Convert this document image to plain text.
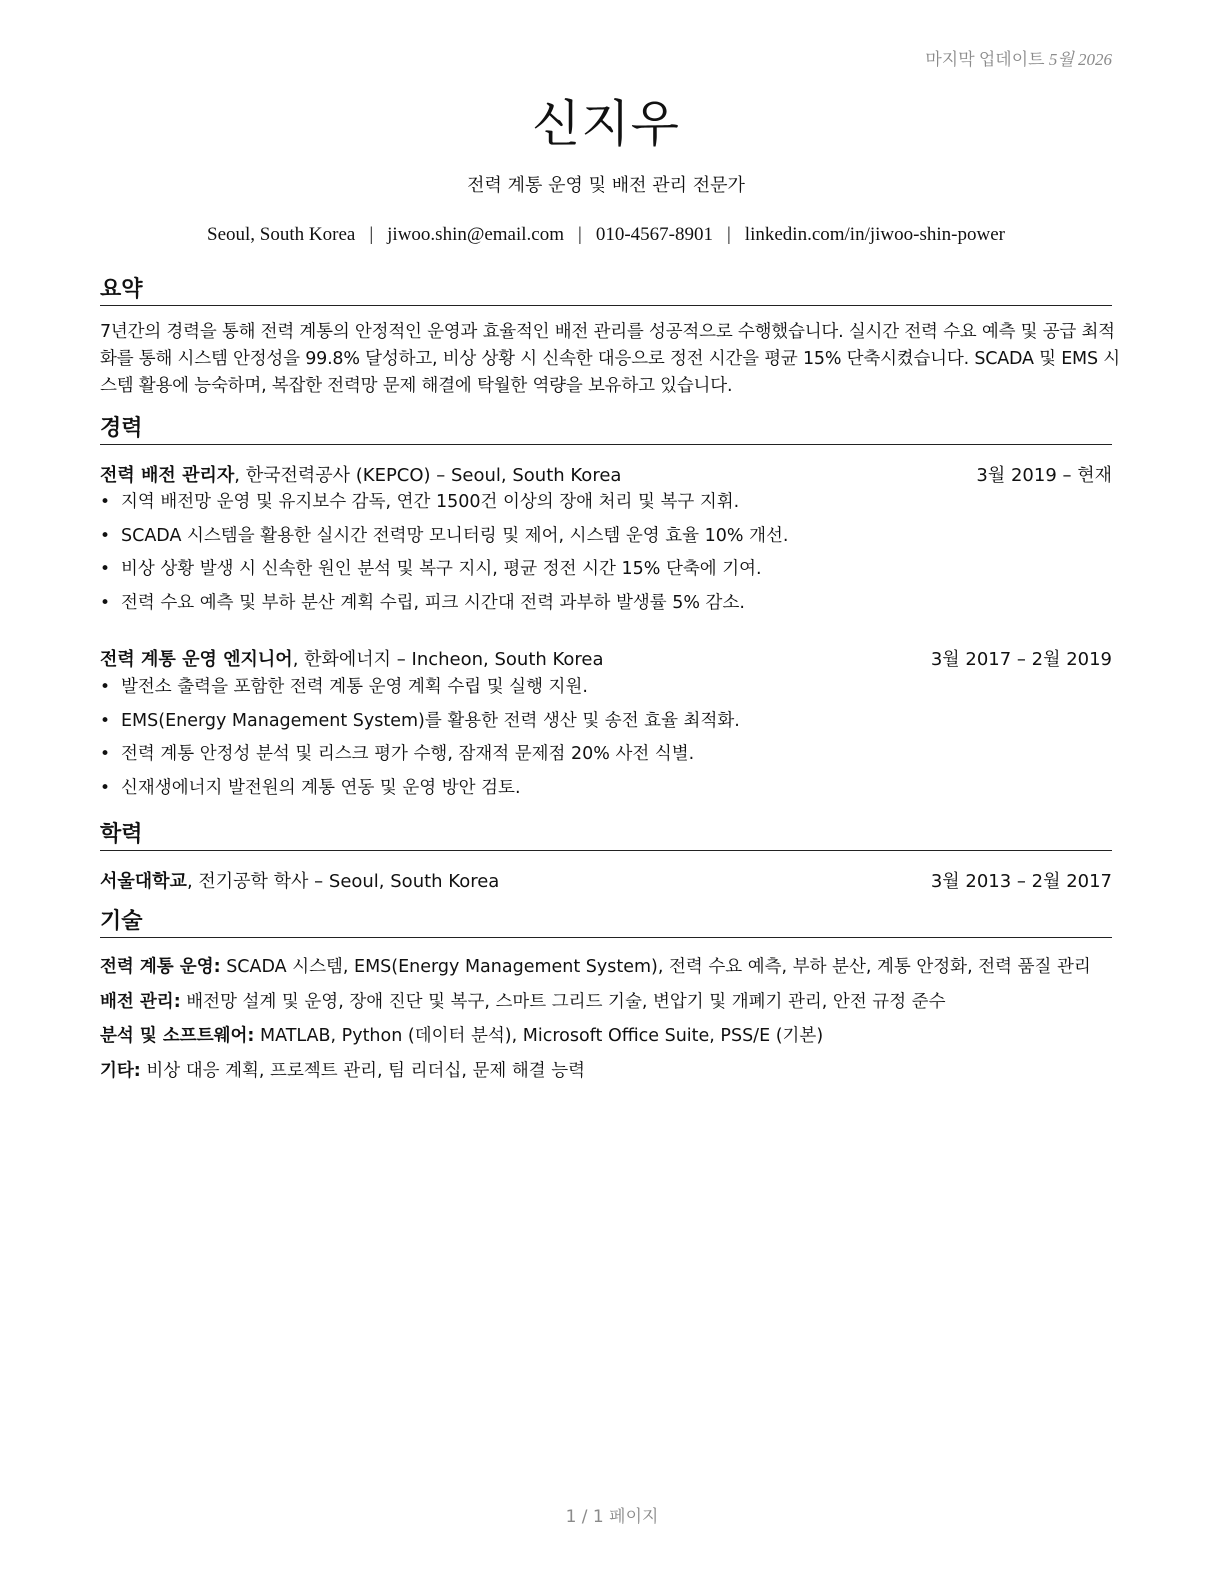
마지막 업데이트 5월 2026
신지우
전력 계통 운영 및 배전 관리 전문가
Seoul, South Korea | jiwoo.shin@email.com | 010-4567-8901 | linkedin.com/in/jiwoo-shin-power
요약
7년간의 경력을 통해 전력 계통의 안정적인 운영과 효율적인 배전 관리를 성공적으로 수행했습니다. 실시간 전력 수요 예측 및 공급 최적화를 통해 시스템 안정성을 99.8% 달성하고, 비상 상황 시 신속한 대응으로 정전 시간을 평균 15% 단축시켰습니다. SCADA 및 EMS 시스템 활용에 능숙하며, 복잡한 전력망 문제 해결에 탁월한 역량을 보유하고 있습니다.
경력
전력 배전 관리자, 한국전력공사 (KEPCO) – Seoul, South Korea	3월 2019 – 현재
• 지역 배전망 운영 및 유지보수 감독, 연간 1500건 이상의 장애 처리 및 복구 지휘.
• SCADA 시스템을 활용한 실시간 전력망 모니터링 및 제어, 시스템 운영 효율 10% 개선.
• 비상 상황 발생 시 신속한 원인 분석 및 복구 지시, 평균 정전 시간 15% 단축에 기여.
• 전력 수요 예측 및 부하 분산 계획 수립, 피크 시간대 전력 과부하 발생률 5% 감소.
전력 계통 운영 엔지니어, 한화에너지 – Incheon, South Korea	3월 2017 – 2월 2019
• 발전소 출력을 포함한 전력 계통 운영 계획 수립 및 실행 지원.
• EMS(Energy Management System)를 활용한 전력 생산 및 송전 효율 최적화.
• 전력 계통 안정성 분석 및 리스크 평가 수행, 잠재적 문제점 20% 사전 식별.
• 신재생에너지 발전원의 계통 연동 및 운영 방안 검토.
학력
서울대학교, 전기공학 학사 – Seoul, South Korea	3월 2013 – 2월 2017
기술
전력 계통 운영: SCADA 시스템, EMS(Energy Management System), 전력 수요 예측, 부하 분산, 계통 안정화, 전력 품질 관리
배전 관리: 배전망 설계 및 운영, 장애 진단 및 복구, 스마트 그리드 기술, 변압기 및 개폐기 관리, 안전 규정 준수
분석 및 소프트웨어: MATLAB, Python (데이터 분석), Microsoft Office Suite, PSS/E (기본)
기타: 비상 대응 계획, 프로젝트 관리, 팀 리더십, 문제 해결 능력
1 / 1 페이지
